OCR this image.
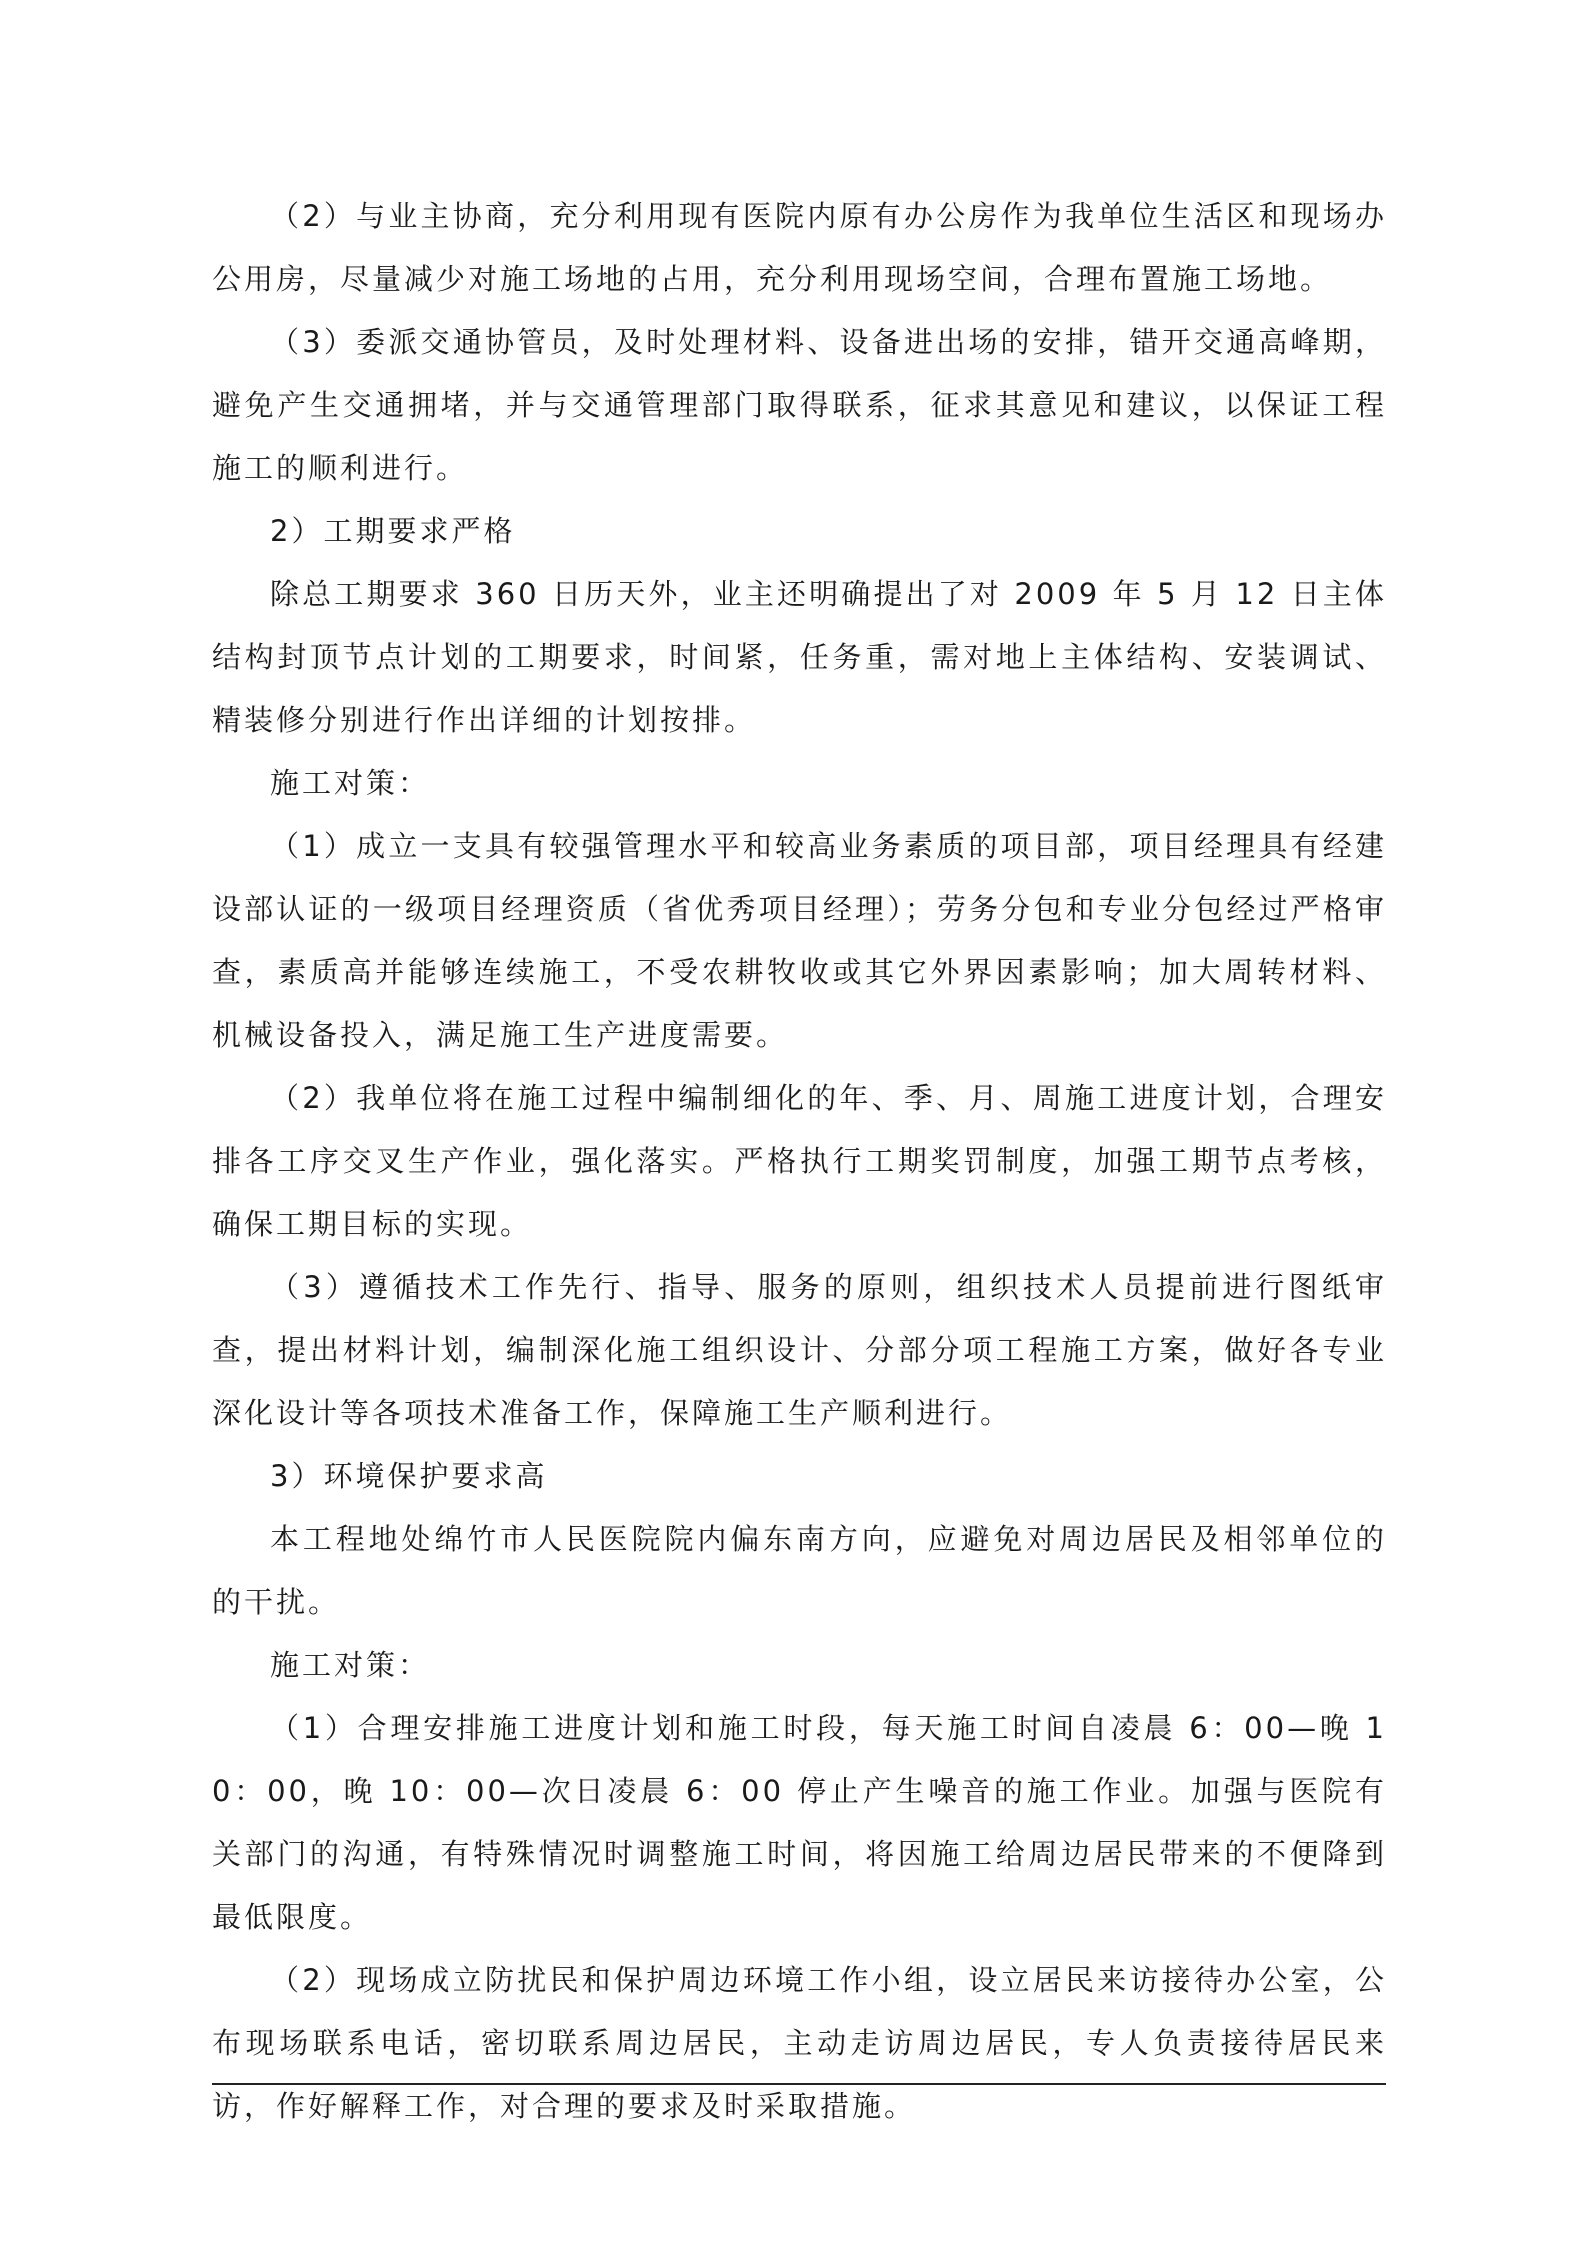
（2）与业主协商，充分利用现有医院内原有办公房作为我单位生活区和现场办公用房，尽量减少对施工场地的占用，充分利用现场空间，合理布置施工场地。

（3）委派交通协管员，及时处理材料、设备进出场的安排，错开交通高峰期，避免产生交通拥堵，并与交通管理部门取得联系，征求其意见和建议，以保证工程施工的顺利进行。

2）工期要求严格

除总工期要求 360 日历天外，业主还明确提出了对 2009 年 5 月 12 日主体结构封顶节点计划的工期要求，时间紧，任务重，需对地上主体结构、安装调试、精装修分别进行作出详细的计划按排。

施工对策：

（1）成立一支具有较强管理水平和较高业务素质的项目部，项目经理具有经建设部认证的一级项目经理资质（省优秀项目经理）；劳务分包和专业分包经过严格审查，素质高并能够连续施工，不受农耕牧收或其它外界因素影响；加大周转材料、机械设备投入，满足施工生产进度需要。

（2）我单位将在施工过程中编制细化的年、季、月、周施工进度计划，合理安排各工序交叉生产作业，强化落实。严格执行工期奖罚制度，加强工期节点考核，确保工期目标的实现。

（3）遵循技术工作先行、指导、服务的原则，组织技术人员提前进行图纸审查，提出材料计划，编制深化施工组织设计、分部分项工程施工方案，做好各专业深化设计等各项技术准备工作，保障施工生产顺利进行。

3）环境保护要求高

本工程地处绵竹市人民医院院内偏东南方向，应避免对周边居民及相邻单位的的干扰。

施工对策：

（1）合理安排施工进度计划和施工时段，每天施工时间自凌晨 6：00—晚 10：00，晚 10：00—次日凌晨 6：00 停止产生噪音的施工作业。加强与医院有关部门的沟通，有特殊情况时调整施工时间，将因施工给周边居民带来的不便降到最低限度。

（2）现场成立防扰民和保护周边环境工作小组，设立居民来访接待办公室，公布现场联系电话，密切联系周边居民，主动走访周边居民，专人负责接待居民来访，作好解释工作，对合理的要求及时采取措施。
